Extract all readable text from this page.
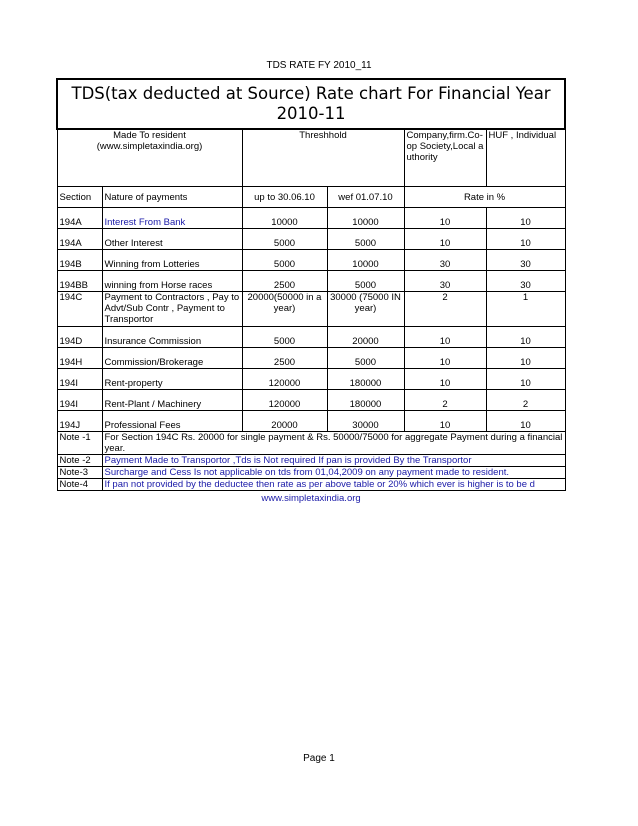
TDS RATE FY 2010_11
TDS(tax deducted at Source) Rate chart For Financial Year 2010-11					

Made To resident
(www.simpletaxindia.org)		Threshhold		Company,firm.Co-op Society,Local authority	HUF , Individual
Section	Nature of payments	up to 30.06.10	wef 01.07.10	Rate in %	
194A	Interest From Bank	10000	10000	10	10
194A	Other Interest	5000	5000	10	10
194B	Winning from Lotteries	5000	10000	30	30
194BB	winning from Horse races	2500	5000	30	30
194C	Payment to Contractors , Pay to Advt/Sub Contr , Payment to Transportor	20000(50000 in a year)	30000 (75000 IN year)	2	1
194D	Insurance Commission	5000	20000	10	10
194H	Commission/Brokerage	2500	5000	10	10
194I	Rent-property	120000	180000	10	10
194I	Rent-Plant / Machinery	120000	180000	2	2
194J	Professional Fees	20000	30000	10	10
Note -1	For Section 194C Rs. 20000 for single payment & Rs. 50000/75000 for aggregate Payment during a financial year.				
Note -2	Payment Made to Transportor ,Tds is Not required If pan is provided By the Transportor				
Note-3	Surcharge and Cess Is not applicable on tds from 01,04,2009 on any payment made to resident.				
Note-4	If pan not provided by the deductee then rate as per above table or 20% which ever is higher is to be d				
www.simpletaxindia.org					
Page 1
